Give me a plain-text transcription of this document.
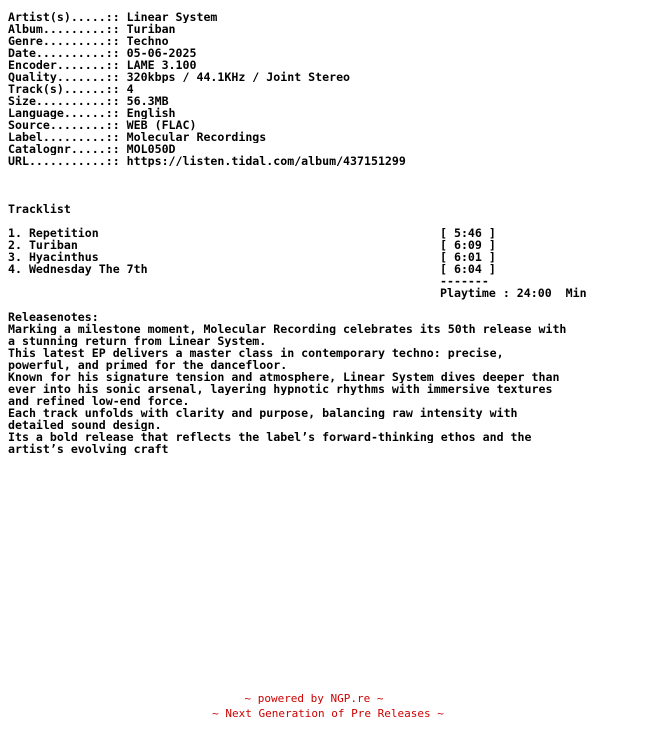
Artist(s).....:: Linear System
Album.........:: Turiban
Genre.........:: Techno
Date..........:: 05-06-2025
Encoder.......:: LAME 3.100
Quality.......:: 320kbps / 44.1KHz / Joint Stereo
Track(s)......:: 4
Size..........:: 56.3MB
Language......:: English
Source........:: WEB (FLAC)
Label.........:: Molecular Recordings
Catalognr.....:: MOL050D
URL...........:: https://listen.tidal.com/album/437151299
Tracklist
1. Repetition	[ 5:46 ]
2. Turiban	[ 6:09 ]
3. Hyacinthus	[ 6:01 ]
4. Wednesday The 7th	[ 6:04 ]
-------
Playtime : 24:00  Min
Releasenotes:
Marking a milestone moment, Molecular Recording celebrates its 50th release with
a stunning return from Linear System.
This latest EP delivers a master class in contemporary techno: precise,
powerful, and primed for the dancefloor.
Known for his signature tension and atmosphere, Linear System dives deeper than
ever into his sonic arsenal, layering hypnotic rhythms with immersive textures
and refined low-end force.
Each track unfolds with clarity and purpose, balancing raw intensity with
detailed sound design.
Its a bold release that reflects the label’s forward-thinking ethos and the
artist’s evolving craft
~ powered by NGP.re ~
~ Next Generation of Pre Releases ~
